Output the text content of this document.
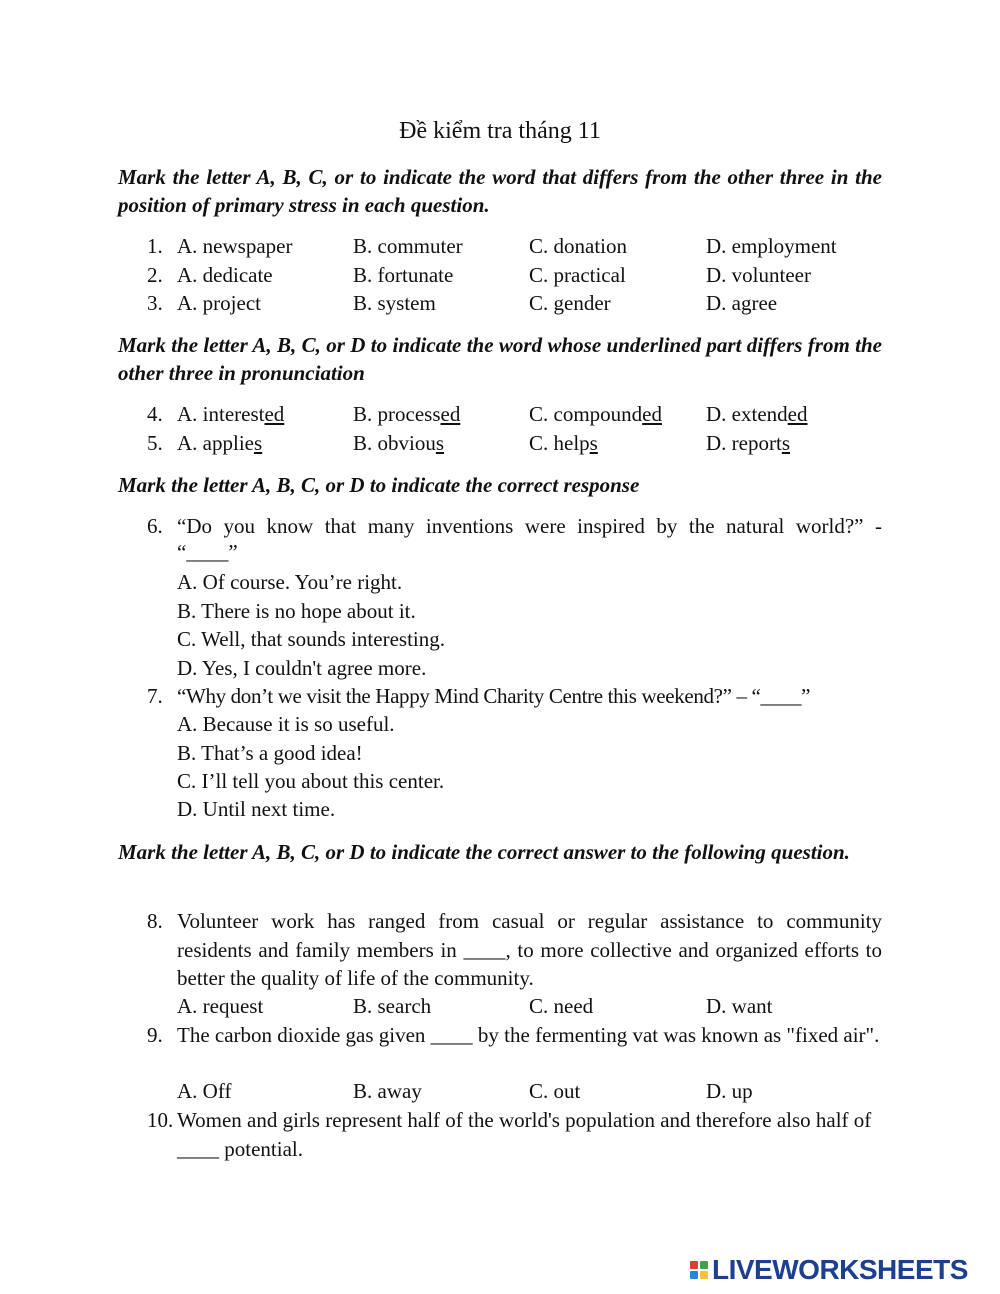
Đề kiểm tra tháng 11
Mark the letter A, B, C, or to indicate the word that differs from the other three in the position of primary stress in each question.
1. A. newspaper	B. commuter	C. donation	D. employment
2. A. dedicate	B. fortunate	C. practical	D. volunteer
3. A. project	B. system	C. gender	D. agree
Mark the letter A, B, C, or D to indicate the word whose underlined part differs from the other three in pronunciation
4. A. interested	B. processed	C. compounded D. extended
5. A. applies	B. obvious	C. helps	D. reports
Mark the letter A, B, C, or D to indicate the correct response
6. “Do you know that many inventions were inspired by the natural world?” -
“____”
A. Of course. You’re right.
B. There is no hope about it.
C. Well, that sounds interesting.
D. Yes, I couldn't agree more.
7. “Why don’t we visit the Happy Mind Charity Centre this weekend?” – “____”
A. Because it is so useful.
B. That’s a good idea!
C. I’ll tell you about this center.
D. Until next time.
Mark the letter A, B, C, or D to indicate the correct answer to the following question.
8. Volunteer work has ranged from casual or regular assistance to community residents and family members in ____, to more collective and organized efforts to better the quality of life of the community.
A. request	B. search	C. need	D. want
9. The carbon dioxide gas given ____ by the fermenting vat was known as "fixed air".
A. Off	B. away	C. out	D. up
10. Women and girls represent half of the world's population and therefore also half of ____ potential.
LIVEWORKSHEETS
